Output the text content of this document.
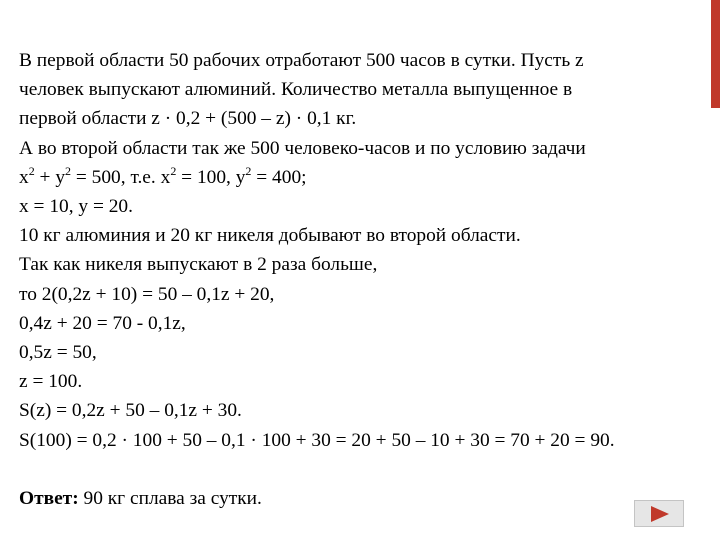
В первой области 50 рабочих отработают 500 часов в сутки. Пусть z
человек выпускают алюминий. Количество металла выпущенное в
первой области z · 0,2 + (500 – z) · 0,1 кг.
А во второй области так же 500 человеко-часов и по условию задачи
$x^2 + y^2 = 500$, т.е. $x^2 = 100$, $y^2 = 400$;
x = 10, y = 20.
10 кг алюминия и 20 кг никеля добывают во второй области.
Так как никеля выпускают в 2 раза больше,
то 2(0,2z + 10) = 50 – 0,1z + 20,
0,4z + 20 = 70 - 0,1z,
0,5z = 50,
z = 100.
S(z) = 0,2z + 50 – 0,1z + 30.
S(100) = 0,2 · 100 + 50 – 0,1 · 100 + 30 = 20 + 50 – 10 + 30 = 70 + 20 = 90.
Ответ: 90 кг сплава за сутки.
